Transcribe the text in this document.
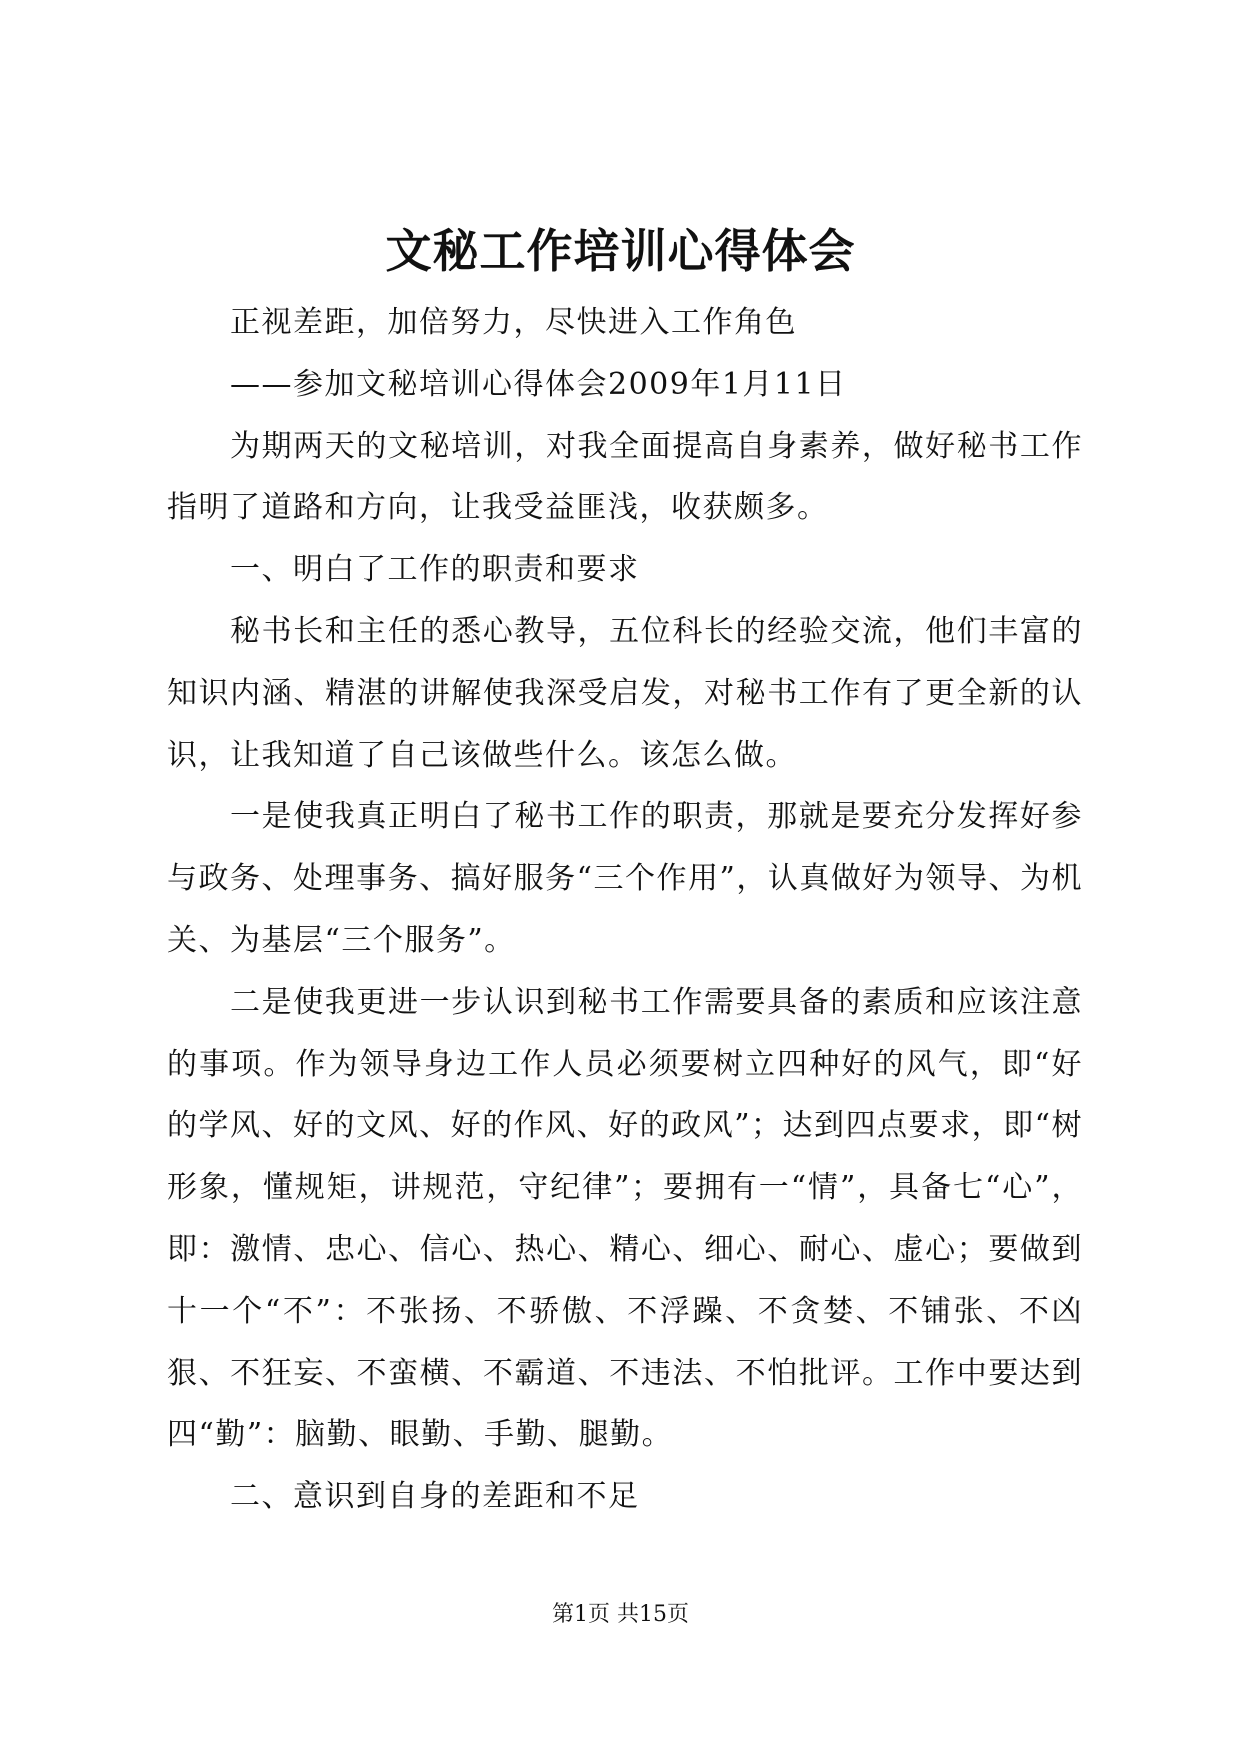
文秘工作培训心得体会

正视差距，加倍努力，尽快进入工作角色

——参加文秘培训心得体会2009年1月11日

为期两天的文秘培训，对我全面提高自身素养，做好秘书工作指明了道路和方向，让我受益匪浅，收获颇多。

一、明白了工作的职责和要求

秘书长和主任的悉心教导，五位科长的经验交流，他们丰富的知识内涵、精湛的讲解使我深受启发，对秘书工作有了更全新的认识，让我知道了自己该做些什么。该怎么做。

一是使我真正明白了秘书工作的职责，那就是要充分发挥好参与政务、处理事务、搞好服务“三个作用”，认真做好为领导、为机关、为基层“三个服务”。

二是使我更进一步认识到秘书工作需要具备的素质和应该注意的事项。作为领导身边工作人员必须要树立四种好的风气，即“好的学风、好的文风、好的作风、好的政风”；达到四点要求，即“树形象，懂规矩，讲规范，守纪律”；要拥有一“情”，具备七“心”，即：激情、忠心、信心、热心、精心、细心、耐心、虚心；要做到十一个“不”：不张扬、不骄傲、不浮躁、不贪婪、不铺张、不凶狠、不狂妄、不蛮横、不霸道、不违法、不怕批评。工作中要达到四“勤”：脑勤、眼勤、手勤、腿勤。

二、意识到自身的差距和不足

第1页 共15页
